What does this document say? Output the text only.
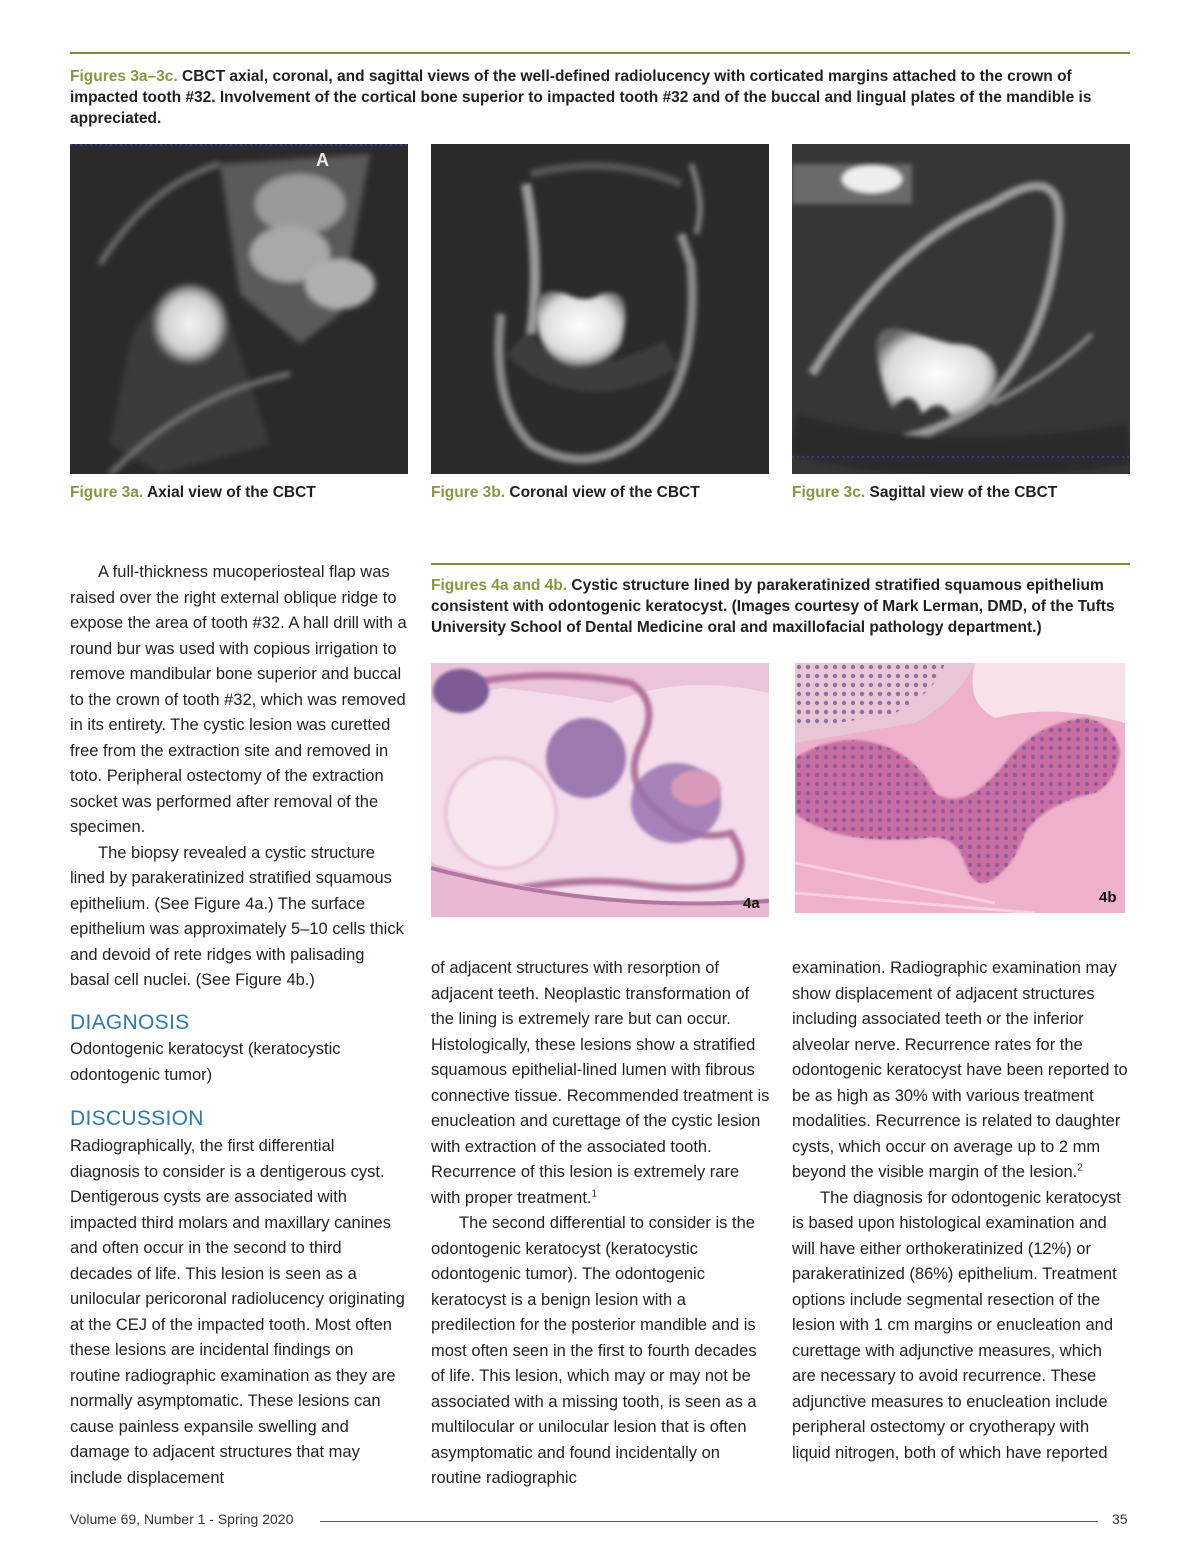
Figures 3a–3c. CBCT axial, coronal, and sagittal views of the well-defined radiolucency with corticated margins attached to the crown of impacted tooth #32. Involvement of the cortical bone superior to impacted tooth #32 and of the buccal and lingual plates of the mandible is appreciated.
A
Figure 3a. Axial view of the CBCT	Figure 3b. Coronal view of the CBCT	Figure 3c. Sagittal view of the CBCT

A full-thickness mucoperiosteal flap was raised over the right external oblique ridge to expose the area of tooth #32. A hall drill with a round bur was used with copious irrigation to remove mandibular bone superior and buccal to the crown of tooth #32, which was removed in its entirety. The cystic lesion was curetted free from the extraction site and removed in toto. Peripheral ostectomy of the extraction socket was performed after removal of the specimen.

The biopsy revealed a cystic structure lined by parakeratinized stratified squamous epithelium. (See Figure 4a.) The surface epithelium was approximately 5–10 cells thick and devoid of rete ridges with palisading basal cell nuclei. (See Figure 4b.)

DIAGNOSIS
Odontogenic keratocyst (keratocystic odontogenic tumor)
DISCUSSION
Radiographically, the first differential diagnosis to consider is a dentigerous cyst. Dentigerous cysts are associated with impacted third molars and maxillary canines and often occur in the second to third decades of life. This lesion is seen as a unilocular pericoronal radiolucency originating at the CEJ of the impacted tooth. Most often these lesions are incidental findings on routine radiographic examination as they are normally asymptomatic. These lesions can cause painless expansile swelling and damage to adjacent structures that may include displacement
Figures 4a and 4b. Cystic structure lined by parakeratinized stratified squamous epithelium consistent with odontogenic keratocyst. (Images courtesy of Mark Lerman, DMD, of the Tufts University School of Dental Medicine oral and maxillofacial pathology department.)
4a	4b

of adjacent structures with resorption of adjacent teeth. Neoplastic transformation of the lining is extremely rare but can occur. Histologically, these lesions show a stratified squamous epithelial-lined lumen with fibrous connective tissue. Recommended treatment is enucleation and curettage of the cystic lesion with extraction of the associated tooth. Recurrence of this lesion is extremely rare with proper treatment.$^1$

The second differential to consider is the odontogenic keratocyst (keratocystic odontogenic tumor). The odontogenic keratocyst is a benign lesion with a predilection for the posterior mandible and is most often seen in the first to fourth decades of life. This lesion, which may or may not be associated with a missing tooth, is seen as a multilocular or unilocular lesion that is often asymptomatic and found incidentally on routine radiographic

examination. Radiographic examination may show displacement of adjacent structures including associated teeth or the inferior alveolar nerve. Recurrence rates for the odontogenic keratocyst have been reported to be as high as 30% with various treatment modalities. Recurrence is related to daughter cysts, which occur on average up to 2 mm beyond the visible margin of the lesion.$^2$

The diagnosis for odontogenic keratocyst is based upon histological examination and will have either orthokeratinized (12%) or parakeratinized (86%) epithelium. Treatment options include segmental resection of the lesion with 1 cm margins or enucleation and curettage with adjunctive measures, which are necessary to avoid recurrence. These adjunctive measures to enucleation include peripheral ostectomy or cryotherapy with liquid nitrogen, both of which have reported

Volume 69, Number 1 - Spring 2020	35
